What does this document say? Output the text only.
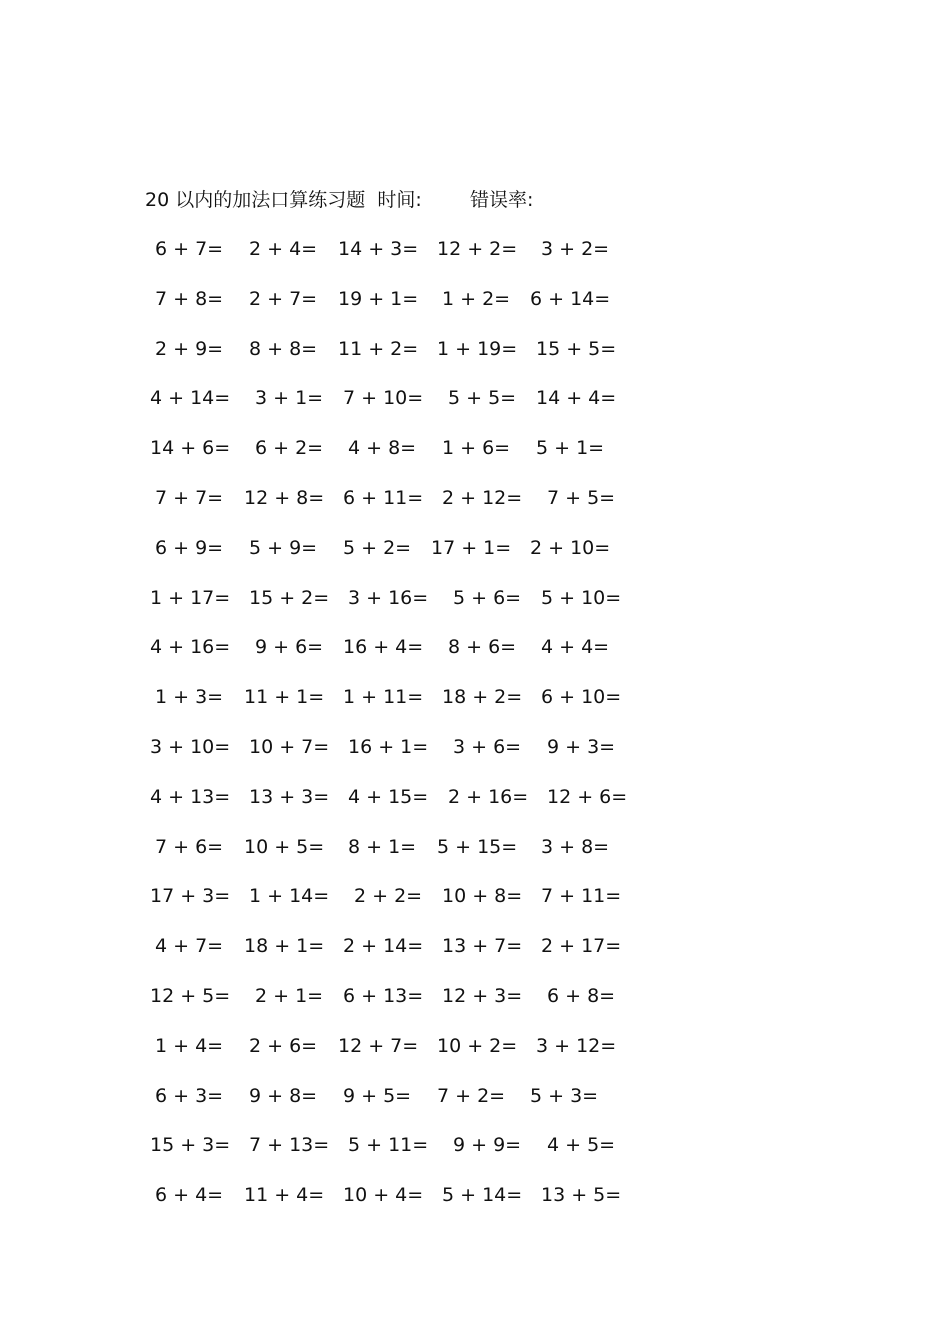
20 以内的加法口算练习题 时间:	错误率:
6 + 7= 2 + 4= 14 + 3= 12 + 2= 3 + 2=
7 + 8= 2 + 7= 19 + 1= 1 + 2= 6 + 14=
2 + 9= 8 + 8= 11 + 2= 1 + 19= 15 + 5=
4 + 14= 3 + 1= 7 + 10= 5 + 5= 14 + 4=
14 + 6= 6 + 2= 4 + 8= 1 + 6= 5 + 1=
7 + 7= 12 + 8= 6 + 11= 2 + 12= 7 + 5=
6 + 9= 5 + 9= 5 + 2= 17 + 1= 2 + 10=
1 + 17= 15 + 2= 3 + 16= 5 + 6= 5 + 10=
4 + 16= 9 + 6= 16 + 4= 8 + 6= 4 + 4=
1 + 3= 11 + 1= 1 + 11= 18 + 2= 6 + 10=
3 + 10= 10 + 7= 16 + 1= 3 + 6= 9 + 3=
4 + 13= 13 + 3= 4 + 15= 2 + 16= 12 + 6=
7 + 6= 10 + 5= 8 + 1= 5 + 15= 3 + 8=
17 + 3= 1 + 14= 2 + 2= 10 + 8= 7 + 11=
4 + 7= 18 + 1= 2 + 14= 13 + 7= 2 + 17=
12 + 5= 2 + 1= 6 + 13= 12 + 3= 6 + 8=
1 + 4= 2 + 6= 12 + 7= 10 + 2= 3 + 12=
6 + 3= 9 + 8= 9 + 5= 7 + 2= 5 + 3=
15 + 3= 7 + 13= 5 + 11= 9 + 9= 4 + 5=
6 + 4= 11 + 4= 10 + 4= 5 + 14= 13 + 5=
